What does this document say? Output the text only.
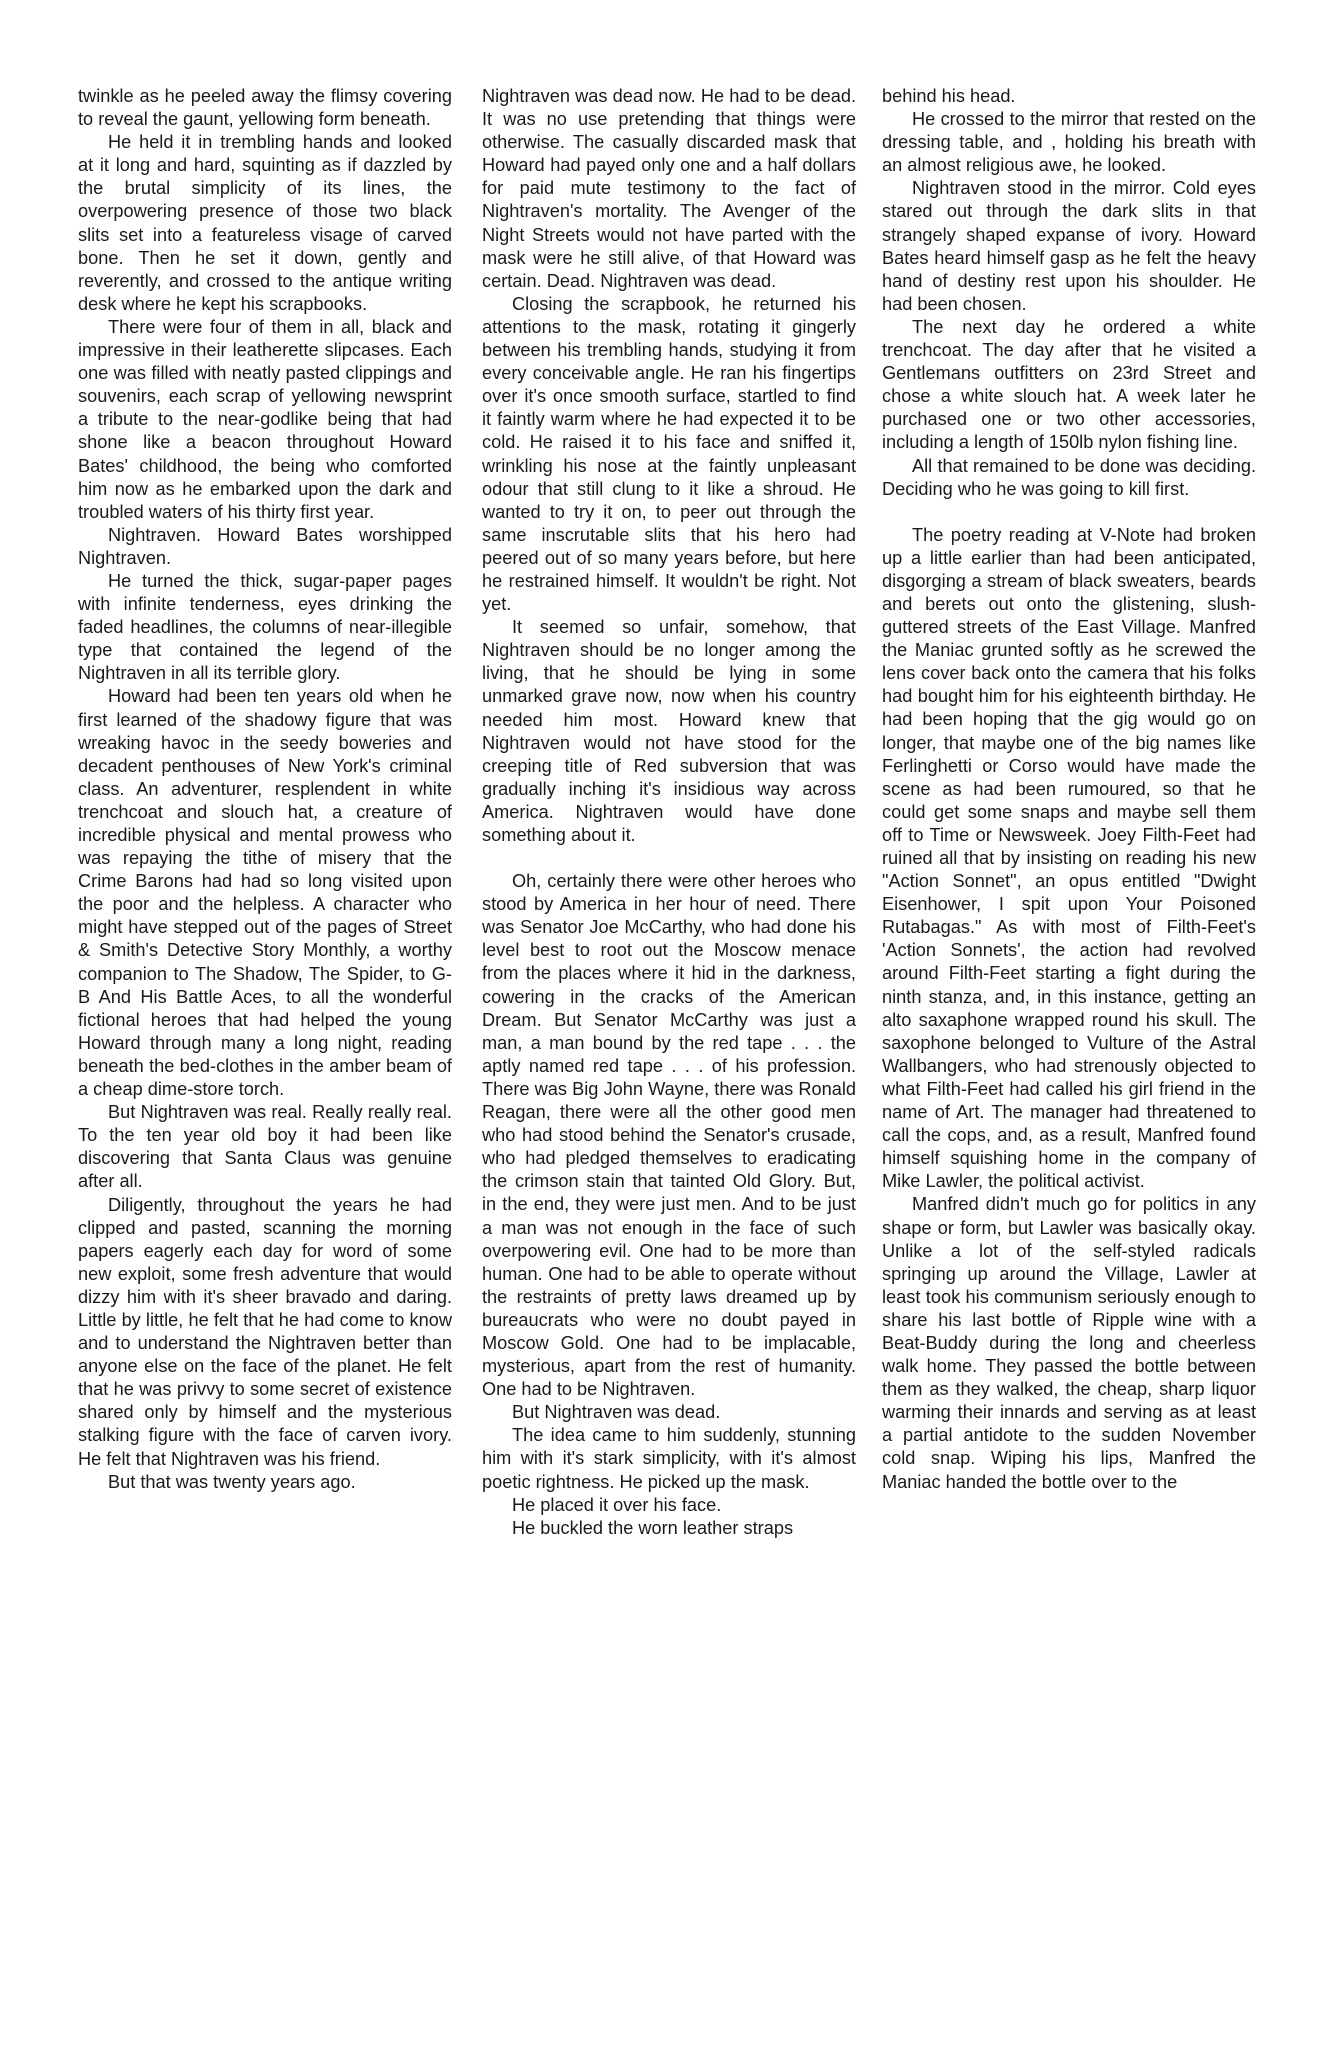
twinkle as he peeled away the flimsy covering to reveal the gaunt, yellowing form beneath.

He held it in trembling hands and looked at it long and hard, squinting as if dazzled by the brutal simplicity of its lines, the overpowering presence of those two black slits set into a featureless visage of carved bone. Then he set it down, gently and reverently, and crossed to the antique writing desk where he kept his scrapbooks.

There were four of them in all, black and impressive in their leatherette slipcases. Each one was filled with neatly pasted clippings and souvenirs, each scrap of yellowing newsprint a tribute to the near-godlike being that had shone like a beacon throughout Howard Bates' childhood, the being who comforted him now as he embarked upon the dark and troubled waters of his thirty first year.

Nightraven. Howard Bates worshipped Nightraven.

He turned the thick, sugar-paper pages with infinite tenderness, eyes drinking the faded headlines, the columns of near-illegible type that contained the legend of the Nightraven in all its terrible glory.

Howard had been ten years old when he first learned of the shadowy figure that was wreaking havoc in the seedy boweries and decadent penthouses of New York's criminal class. An adventurer, resplendent in white trenchcoat and slouch hat, a creature of incredible physical and mental prowess who was repaying the tithe of misery that the Crime Barons had had so long visited upon the poor and the helpless. A character who might have stepped out of the pages of Street & Smith's Detective Story Monthly, a worthy companion to The Shadow, The Spider, to G-B And His Battle Aces, to all the wonderful fictional heroes that had helped the young Howard through many a long night, reading beneath the bed-clothes in the amber beam of a cheap dime-store torch.

But Nightraven was real. Really really real. To the ten year old boy it had been like discovering that Santa Claus was genuine after all.

Diligently, throughout the years he had clipped and pasted, scanning the morning papers eagerly each day for word of some new exploit, some fresh adventure that would dizzy him with it's sheer bravado and daring. Little by little, he felt that he had come to know and to understand the Nightraven better than anyone else on the face of the planet. He felt that he was privvy to some secret of existence shared only by himself and the mysterious stalking figure with the face of carven ivory. He felt that Nightraven was his friend.

But that was twenty years ago.

Nightraven was dead now. He had to be dead. It was no use pretending that things were otherwise. The casually discarded mask that Howard had payed only one and a half dollars for paid mute testimony to the fact of Nightraven's mortality. The Avenger of the Night Streets would not have parted with the mask were he still alive, of that Howard was certain. Dead. Nightraven was dead.

Closing the scrapbook, he returned his attentions to the mask, rotating it gingerly between his trembling hands, studying it from every conceivable angle. He ran his fingertips over it's once smooth surface, startled to find it faintly warm where he had expected it to be cold. He raised it to his face and sniffed it, wrinkling his nose at the faintly unpleasant odour that still clung to it like a shroud. He wanted to try it on, to peer out through the same inscrutable slits that his hero had peered out of so many years before, but here he restrained himself. It wouldn't be right. Not yet.

It seemed so unfair, somehow, that Nightraven should be no longer among the living, that he should be lying in some unmarked grave now, now when his country needed him most. Howard knew that Nightraven would not have stood for the creeping title of Red subversion that was gradually inching it's insidious way across America. Nightraven would have done something about it.

Oh, certainly there were other heroes who stood by America in her hour of need. There was Senator Joe McCarthy, who had done his level best to root out the Moscow menace from the places where it hid in the darkness, cowering in the cracks of the American Dream. But Senator McCarthy was just a man, a man bound by the red tape . . . the aptly named red tape . . . of his profession. There was Big John Wayne, there was Ronald Reagan, there were all the other good men who had stood behind the Senator's crusade, who had pledged themselves to eradicating the crimson stain that tainted Old Glory. But, in the end, they were just men. And to be just a man was not enough in the face of such overpowering evil. One had to be more than human. One had to be able to operate without the restraints of pretty laws dreamed up by bureaucrats who were no doubt payed in Moscow Gold. One had to be implacable, mysterious, apart from the rest of humanity. One had to be Nightraven.

But Nightraven was dead.

The idea came to him suddenly, stunning him with it's stark simplicity, with it's almost poetic rightness. He picked up the mask.

He placed it over his face.

He buckled the worn leather straps

behind his head.

He crossed to the mirror that rested on the dressing table, and , holding his breath with an almost religious awe, he looked.

Nightraven stood in the mirror. Cold eyes stared out through the dark slits in that strangely shaped expanse of ivory. Howard Bates heard himself gasp as he felt the heavy hand of destiny rest upon his shoulder. He had been chosen.

The next day he ordered a white trenchcoat. The day after that he visited a Gentlemans outfitters on 23rd Street and chose a white slouch hat. A week later he purchased one or two other accessories, including a length of 150lb nylon fishing line.

All that remained to be done was deciding. Deciding who he was going to kill first.

The poetry reading at V-Note had broken up a little earlier than had been anticipated, disgorging a stream of black sweaters, beards and berets out onto the glistening, slush-guttered streets of the East Village. Manfred the Maniac grunted softly as he screwed the lens cover back onto the camera that his folks had bought him for his eighteenth birthday. He had been hoping that the gig would go on longer, that maybe one of the big names like Ferlinghetti or Corso would have made the scene as had been rumoured, so that he could get some snaps and maybe sell them off to Time or Newsweek. Joey Filth-Feet had ruined all that by insisting on reading his new "Action Sonnet", an opus entitled "Dwight Eisenhower, I spit upon Your Poisoned Rutabagas." As with most of Filth-Feet's 'Action Sonnets', the action had revolved around Filth-Feet starting a fight during the ninth stanza, and, in this instance, getting an alto saxaphone wrapped round his skull. The saxophone belonged to Vulture of the Astral Wallbangers, who had strenously objected to what Filth-Feet had called his girl friend in the name of Art. The manager had threatened to call the cops, and, as a result, Manfred found himself squishing home in the company of Mike Lawler, the political activist.

Manfred didn't much go for politics in any shape or form, but Lawler was basically okay. Unlike a lot of the self-styled radicals springing up around the Village, Lawler at least took his communism seriously enough to share his last bottle of Ripple wine with a Beat-Buddy during the long and cheerless walk home. They passed the bottle between them as they walked, the cheap, sharp liquor warming their innards and serving as at least a partial antidote to the sudden November cold snap. Wiping his lips, Manfred the Maniac handed the bottle over to the
